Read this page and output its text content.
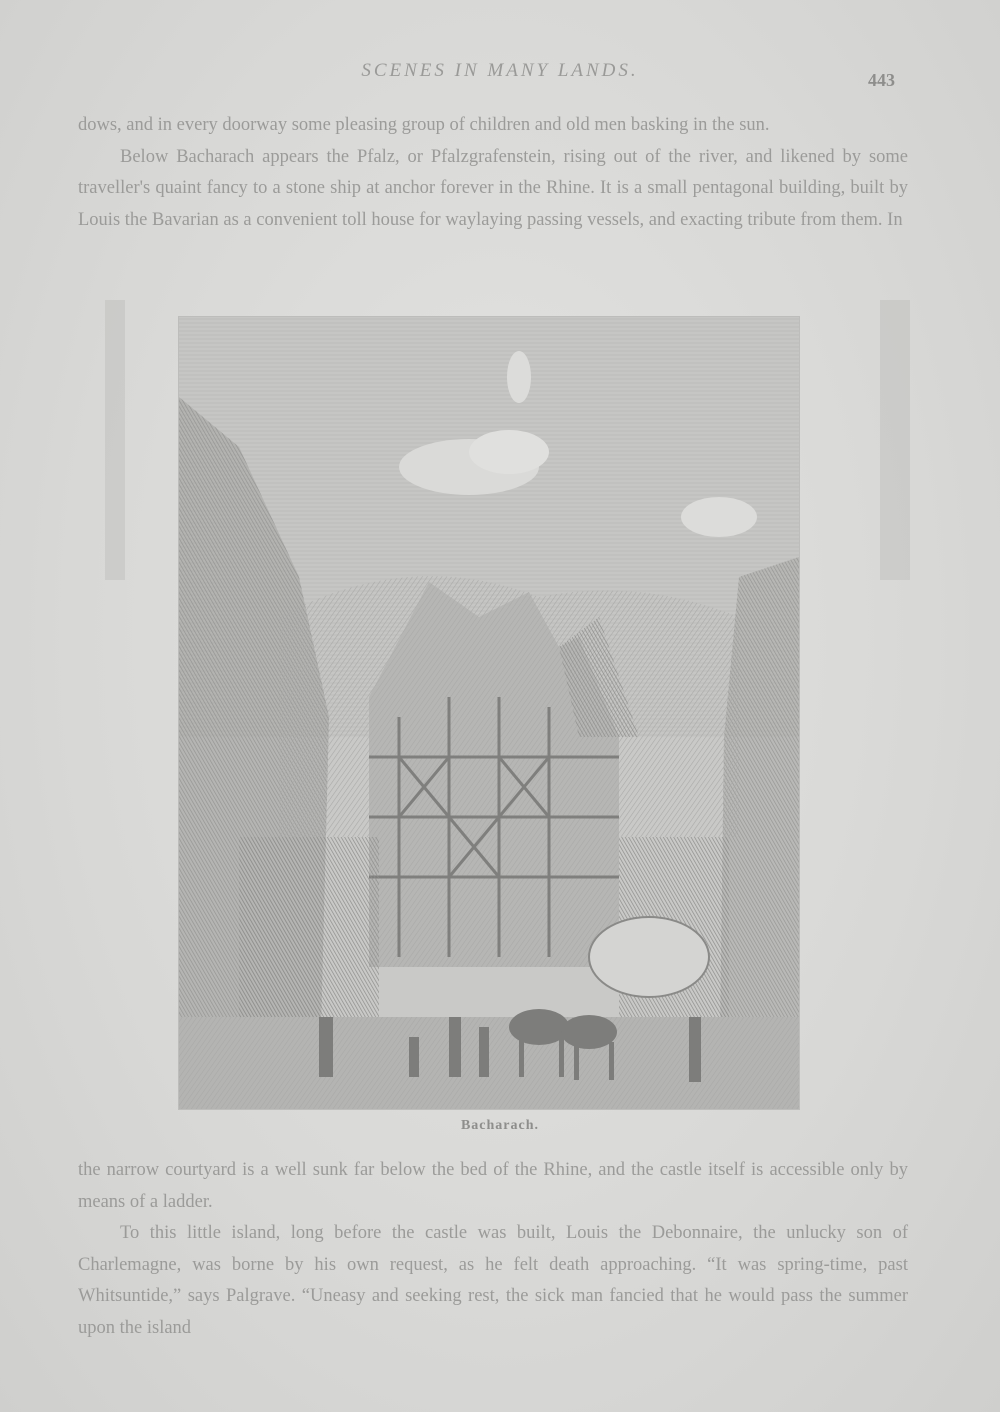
SCENES IN MANY LANDS.	443

dows, and in every doorway some pleasing group of children and old men basking in the sun.

Below Bacharach appears the Pfalz, or Pfalzgrafenstein, rising out of the river, and likened by some traveller's quaint fancy to a stone ship at anchor forever in the Rhine. It is a small pentagonal building, built by Louis the Bavarian as a convenient toll house for waylaying passing vessels, and exacting tribute from them. In

Bacharach.

the narrow courtyard is a well sunk far below the bed of the Rhine, and the castle itself is accessible only by means of a ladder.

To this little island, long before the castle was built, Louis the Debonnaire, the unlucky son of Charlemagne, was borne by his own request, as he felt death approaching. “It was spring-time, past Whitsuntide,” says Palgrave. “Uneasy and seeking rest, the sick man fancied that he would pass the summer upon the island
